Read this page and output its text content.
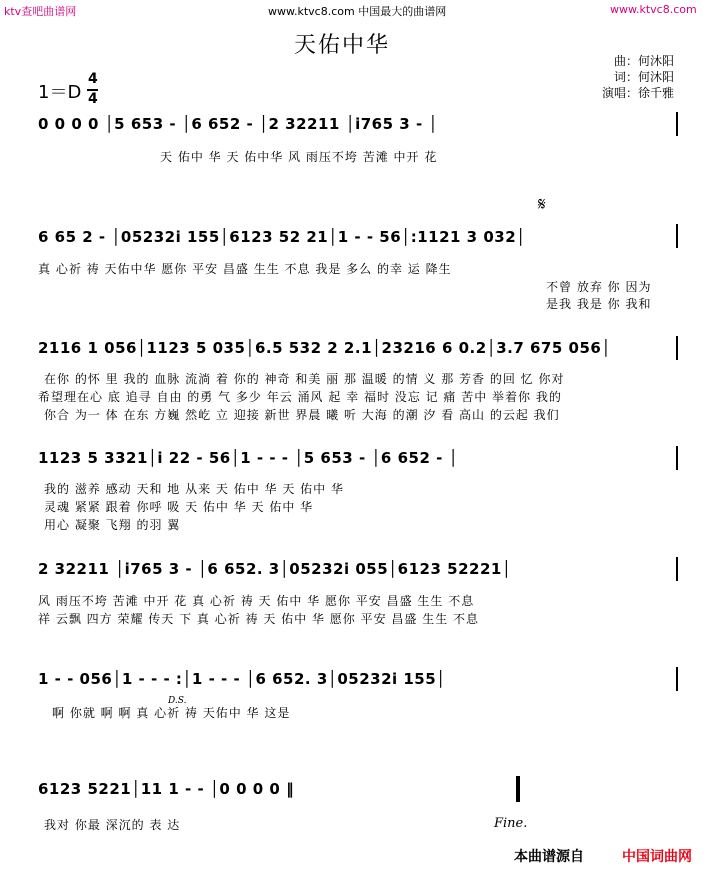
ktv查吧曲谱网	www.ktvc8.com 中国最大的曲谱网	www.ktvc8.com
天佑中华
曲：何沐阳
词：何沐阳
演唱：徐千雅
1＝D
4
4
0 0 0 0 │5 653 - │6 652 - │2 32211 │i765 3 - │
天 佑中 华 天 佑中华 风 雨压不垮 苦滩 中开 花
6 65 2 - │05232i 155│6123 52 21│1 - - 56│:1121 3 032│
𝄋
真 心祈 祷 天佑中华 愿你 平安 昌盛 生生 不息 我是 多么 的幸 运 降生
不曾 放弃 你 因为
是我 我是 你 我和
2116 1 056│1123 5 035│6.5 532 2 2.1│23216 6 0.2│3.7 675 056│
在你 的怀 里 我的 血脉 流淌 着 你的 神奇 和美 丽 那 温暖 的情 义 那 芳香 的回 忆 你对
希望理在心 底 追寻 自由 的勇 气 多少 年云 涌风 起 幸 福时 没忘 记 痛 苦中 举着你 我的
你合 为一 体 在东 方巍 然屹 立 迎接 新世 界晨 曦 听 大海 的潮 汐 看 高山 的云起 我们
1123 5 3321│i 22 - 56│1 - - - │5 653 - │6 652 - │
我的 滋养 感动 天和 地 从来 天 佑中 华 天 佑中 华
灵魂 紧紧 跟着 你呼 吸 天 佑中 华 天 佑中 华
用心 凝聚 飞翔 的羽 翼
2 32211 │i765 3 - │6 652. 3│05232i 055│6123 52221│
风 雨压不垮 苦滩 中开 花 真 心祈 祷 天 佑中 华 愿你 平安 昌盛 生生 不息
祥 云飘 四方 荣耀 传天 下 真 心祈 祷 天 佑中 华 愿你 平安 昌盛 生生 不息
1 - - 056│1 - - - :│1 - - - │6 652. 3│05232i 155│
D.S.
啊 你就 啊 啊 真 心祈 祷 天佑中 华 这是
6123 5221│11 1 - - │0 0 0 0 ‖
我对 你最 深沉的 表 达	Fine.
本曲谱源自	中国词曲网
